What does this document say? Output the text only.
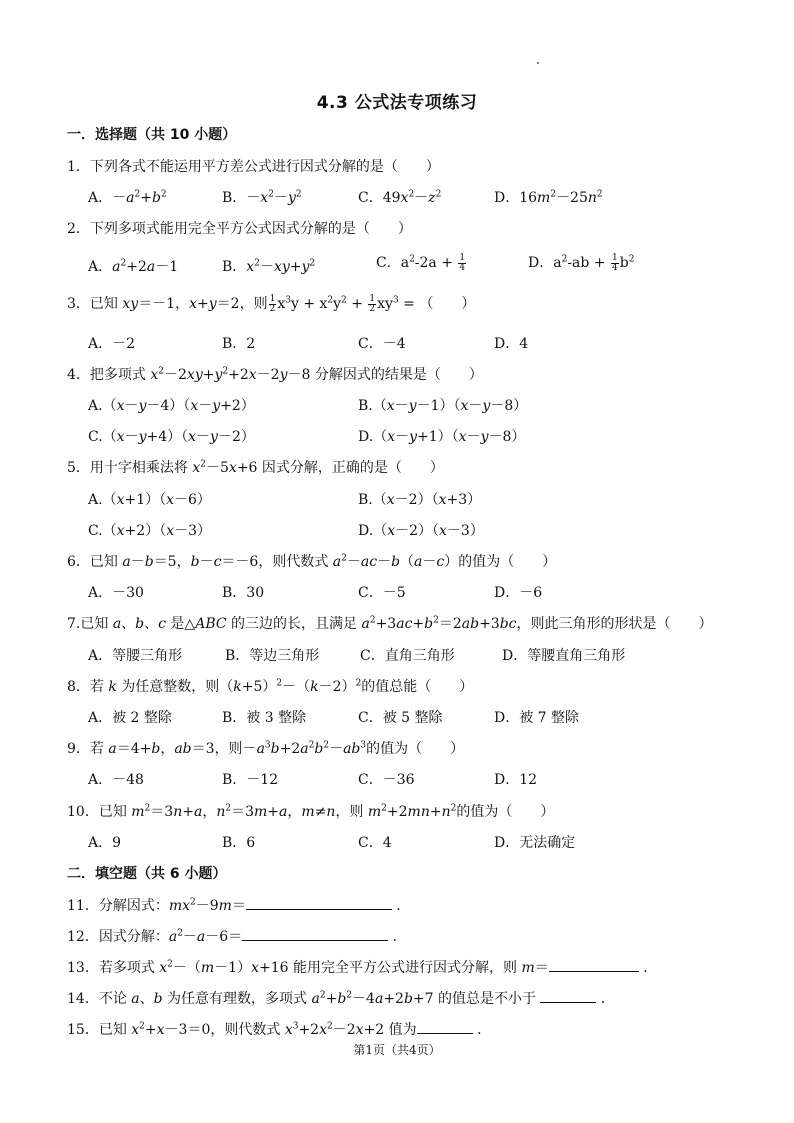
4.3 公式法专项练习
一．选择题（共 10 小题）
1．下列各式不能运用平方差公式进行因式分解的是（　　）
A．$-a^2+b^2$	B．$-x^2-y^2$	C．$49x^2-z^2$	D．$16m^2-25n^2$
2．下列多项式能用完全平方公式因式分解的是（　　）
A．$a^2+2a-1$	B．$x^2-xy+y^2$	C．$a^2-2a + \frac{1}{4}$	D．$a^2-ab + \frac{1}{4} b^2$
3．已知 xy＝－1，x+y＝2，则 $\frac{1}{2} x^3y + x^2y^2 + \frac{1}{2} xy^3$ = （　　）
A．－2	B．2	C．－4	D．4
4．把多项式 $x^2-2xy+y^2+2x-2y-8$ 分解因式的结果是（　　）
A.（x－y－4）（x－y+2）	B.（x－y－1）（x－y－8）
C.（x－y+4）（x－y－2）	D.（x－y+1）（x－y－8）
5．用十字相乘法将 $x^2-5x+6$ 因式分解，正确的是（　　）
A.（x+1）（x－6）	B.（x－2）（x+3）
C.（x+2）（x－3）	D.（x－2）（x－3）
6．已知 a－b＝5，b－c＝－6，则代数式 $a^2-ac-b(a-c)$的值为（　　）
A．－30	B．30	C．－5	D．－6
7.已知 a、b、c 是△ABC 的三边的长，且满足 $a^2+3ac+b^2=2ab+3bc$，则此三角形的形状是（　　）
A．等腰三角形	B．等边三角形	C．直角三角形	D．等腰直角三角形
8．若 k 为任意整数，则$(k+5)^2-(k-2)^2$的值总能（　　）
A．被 2 整除	B．被 3 整除	C．被 5 整除	D．被 7 整除
9．若 a＝4+b，ab＝3，则$-a^3b+2a^2b^2-ab^3$的值为（　　）
A．－48	B．－12	C．－36	D．12
10．已知 $m^2=3n+a$，$n^2=3m+a$，m≠n，则 $m^2+2mn+n^2$的值为（　　）
A．9	B．6	C．4	D．无法确定
二．填空题（共 6 小题）
11．分解因式：$mx^2-9m=$	．
12．因式分解：$a^2-a-6=$	．
13．若多项式 $x^2-(m-1)x+16$ 能用完全平方公式进行因式分解，则 m＝	．
14．不论 a、b 为任意有理数，多项式 $a^2+b^2-4a+2b+7$ 的值总是不小于	．
15．已知 $x^2+x-3=0$，则代数式 $x^3+2x^2-2x+2$ 值为	．
第1页（共4页）
